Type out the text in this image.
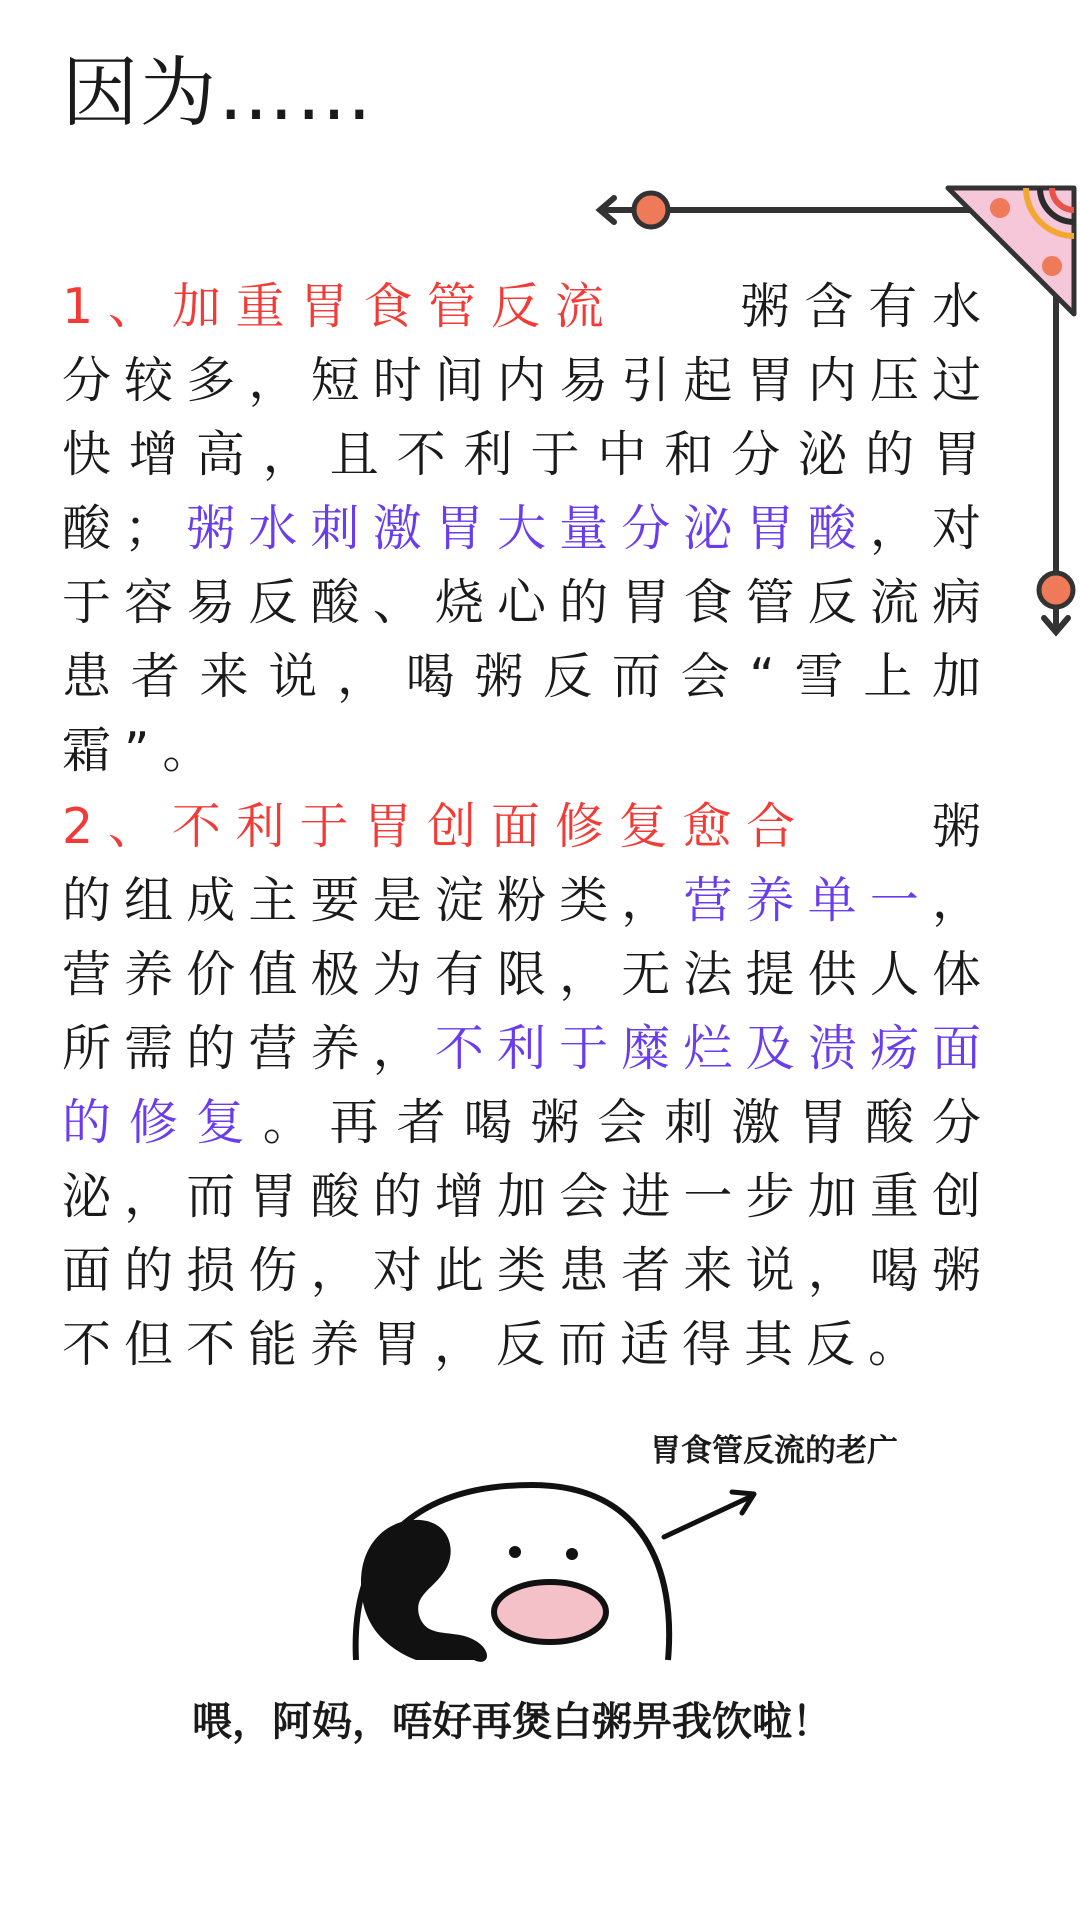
因为……

1、加重胃食管反流 粥含有水分较多，短时间内易引起胃内压过快增高，且不利于中和分泌的胃酸；粥水刺激胃大量分泌胃酸，对于容易反酸、烧心的胃食管反流病患者来说，喝粥反而会“雪上加霜”。

2、不利于胃创面修复愈合 粥的组成主要是淀粉类，营养单一，营养价值极为有限，无法提供人体所需的营养，不利于糜烂及溃疡面的修复。再者喝粥会刺激胃酸分泌，而胃酸的增加会进一步加重创面的损伤，对此类患者来说，喝粥不但不能养胃，反而适得其反。

胃食管反流的老广
喂，阿妈，唔好再煲白粥畀我饮啦！
